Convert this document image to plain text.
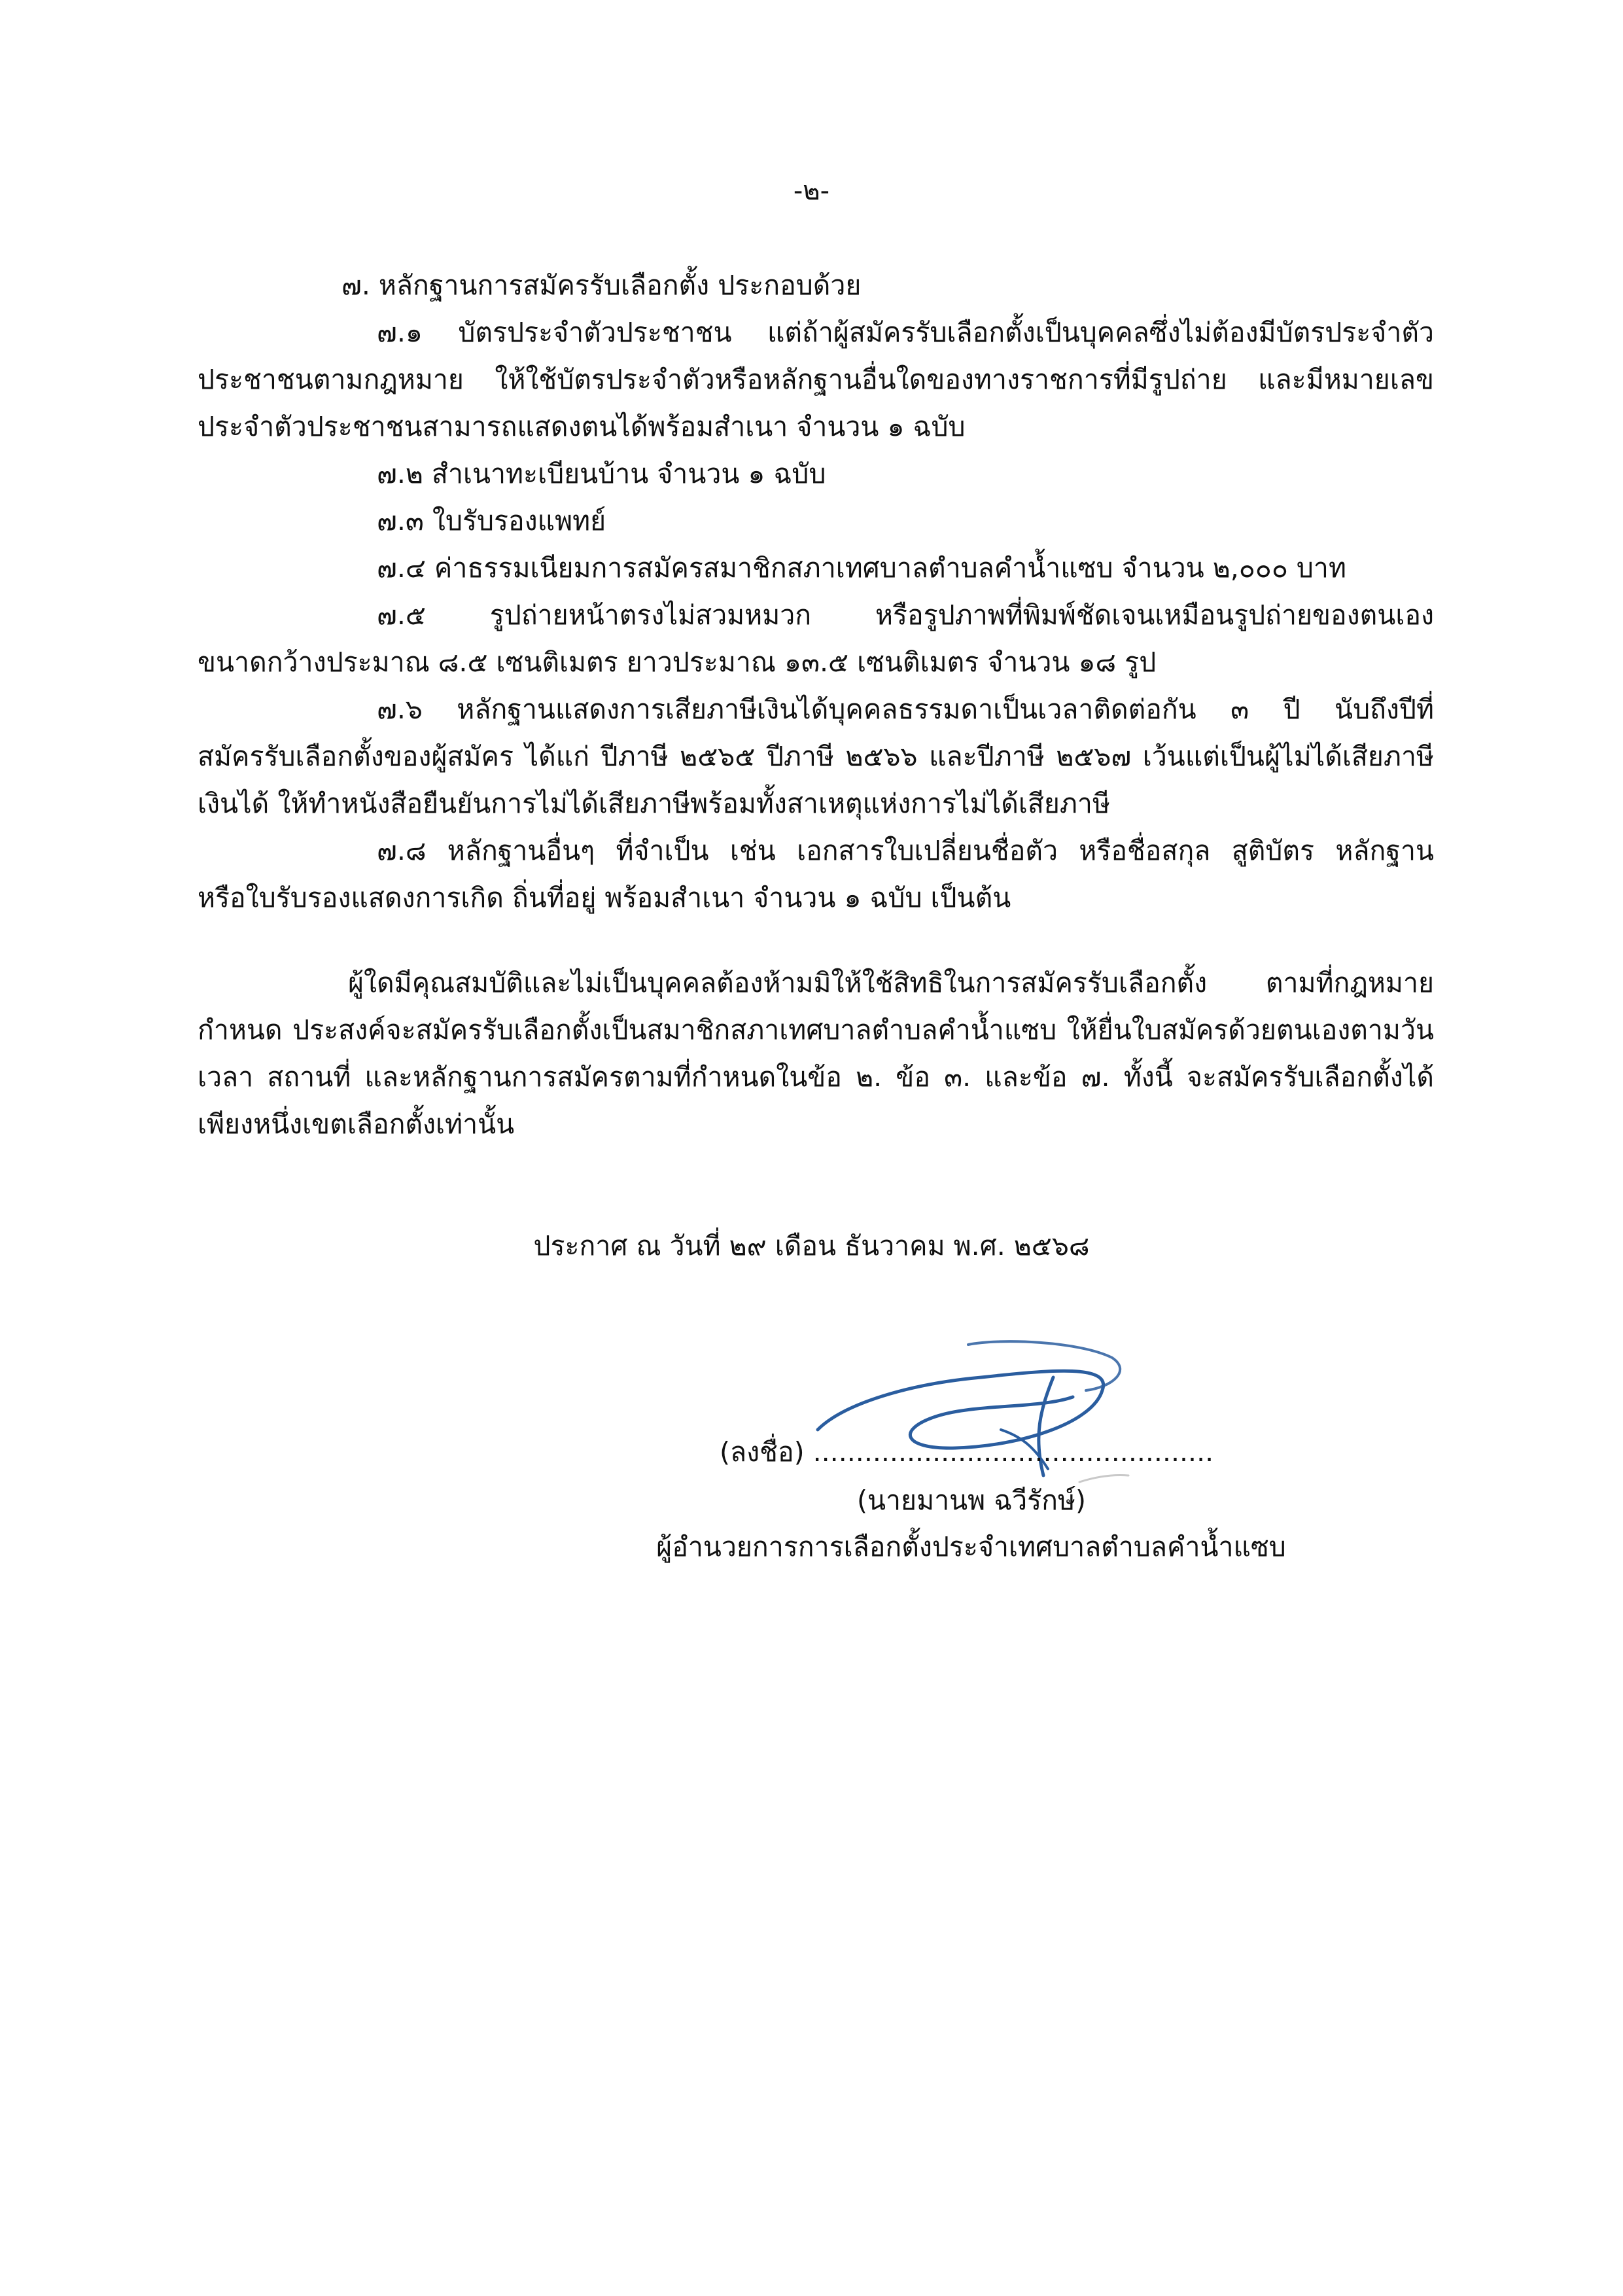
-๒-
๗. หลักฐานการสมัครรับเลือกตั้ง ประกอบด้วย
๗.๑ บัตรประจำตัวประชาชน แต่ถ้าผู้สมัครรับเลือกตั้งเป็นบุคคลซึ่งไม่ต้องมีบัตรประจำตัว
ประชาชนตามกฎหมาย ให้ใช้บัตรประจำตัวหรือหลักฐานอื่นใดของทางราชการที่มีรูปถ่าย และมีหมายเลข
ประจำตัวประชาชนสามารถแสดงตนได้พร้อมสำเนา จำนวน ๑ ฉบับ
๗.๒ สำเนาทะเบียนบ้าน จำนวน ๑ ฉบับ
๗.๓ ใบรับรองแพทย์
๗.๔ ค่าธรรมเนียมการสมัครสมาชิกสภาเทศบาลตำบลคำน้ำแซบ จำนวน ๒,๐๐๐ บาท
๗.๕ รูปถ่ายหน้าตรงไม่สวมหมวก หรือรูปภาพที่พิมพ์ชัดเจนเหมือนรูปถ่ายของตนเอง
ขนาดกว้างประมาณ ๘.๕ เซนติเมตร ยาวประมาณ ๑๓.๕ เซนติเมตร จำนวน ๑๘ รูป
๗.๖ หลักฐานแสดงการเสียภาษีเงินได้บุคคลธรรมดาเป็นเวลาติดต่อกัน ๓ ปี นับถึงปีที่
สมัครรับเลือกตั้งของผู้สมัคร ได้แก่ ปีภาษี ๒๕๖๕ ปีภาษี ๒๕๖๖ และปีภาษี ๒๕๖๗ เว้นแต่เป็นผู้ไม่ได้เสียภาษี
เงินได้ ให้ทำหนังสือยืนยันการไม่ได้เสียภาษีพร้อมทั้งสาเหตุแห่งการไม่ได้เสียภาษี
๗.๘ หลักฐานอื่นๆ ที่จำเป็น เช่น เอกสารใบเปลี่ยนชื่อตัว หรือชื่อสกุล สูติบัตร หลักฐาน
หรือใบรับรองแสดงการเกิด ถิ่นที่อยู่ พร้อมสำเนา จำนวน ๑ ฉบับ เป็นต้น
ผู้ใดมีคุณสมบัติและไม่เป็นบุคคลต้องห้ามมิให้ใช้สิทธิในการสมัครรับเลือกตั้ง ตามที่กฎหมาย
กำหนด ประสงค์จะสมัครรับเลือกตั้งเป็นสมาชิกสภาเทศบาลตำบลคำน้ำแซบ ให้ยื่นใบสมัครด้วยตนเองตามวัน
เวลา สถานที่ และหลักฐานการสมัครตามที่กำหนดในข้อ ๒. ข้อ ๓. และข้อ ๗. ทั้งนี้ จะสมัครรับเลือกตั้งได้
เพียงหนึ่งเขตเลือกตั้งเท่านั้น
ประกาศ ณ วันที่ ๒๙ เดือน ธันวาคม พ.ศ. ๒๕๖๘
(ลงชื่อ) ...............................................
(นายมานพ ฉวีรักษ์)
ผู้อำนวยการการเลือกตั้งประจำเทศบาลตำบลคำน้ำแซบ
